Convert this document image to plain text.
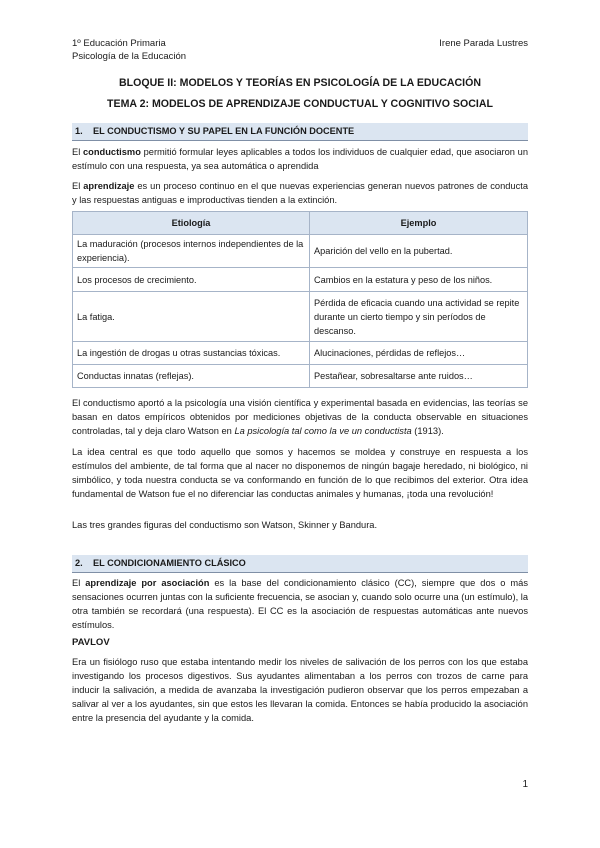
1º Educación Primaria
Psicología de la Educación
Irene Parada Lustres
BLOQUE II: MODELOS Y TEORÍAS EN PSICOLOGÍA DE LA EDUCACIÓN
TEMA 2: MODELOS DE APRENDIZAJE CONDUCTUAL Y COGNITIVO SOCIAL
1. EL CONDUCTISMO Y SU PAPEL EN LA FUNCIÓN DOCENTE
El conductismo permitió formular leyes aplicables a todos los individuos de cualquier edad, que asociaron un estímulo con una respuesta, ya sea automática o aprendida
El aprendizaje es un proceso continuo en el que nuevas experiencias generan nuevos patrones de conducta y las respuestas antiguas e improductivas tienden a la extinción.
Etiología	Ejemplo
La maduración (procesos internos independientes de la experiencia).	Aparición del vello en la pubertad.
Los procesos de crecimiento.	Cambios en la estatura y peso de los niños.
La fatiga.	Pérdida de eficacia cuando una actividad se repite durante un cierto tiempo y sin períodos de descanso.
La ingestión de drogas u otras sustancias tóxicas.	Alucinaciones, pérdidas de reflejos…
Conductas innatas (reflejas).	Pestañear, sobresaltarse ante ruidos…
El conductismo aportó a la psicología una visión científica y experimental basada en evidencias, las teorías se basan en datos empíricos obtenidos por mediciones objetivas de la conducta observable en situaciones controladas, tal y deja claro Watson en La psicología tal como la ve un conductista (1913).
La idea central es que todo aquello que somos y hacemos se moldea y construye en respuesta a los estímulos del ambiente, de tal forma que al nacer no disponemos de ningún bagaje heredado, ni biológico, ni simbólico, y toda nuestra conducta se va conformando en función de lo que recibimos del exterior. Otra idea fundamental de Watson fue el no diferenciar las conductas animales y humanas, ¡toda una revolución!
Las tres grandes figuras del conductismo son Watson, Skinner y Bandura.
2. EL CONDICIONAMIENTO CLÁSICO
El aprendizaje por asociación es la base del condicionamiento clásico (CC), siempre que dos o más sensaciones ocurren juntas con la suficiente frecuencia, se asocian y, cuando solo ocurre una (un estímulo), la otra también se recordará (una respuesta). El CC es la asociación de respuestas automáticas ante nuevos estímulos.
PAVLOV
Era un fisiólogo ruso que estaba intentando medir los niveles de salivación de los perros con los que estaba investigando los procesos digestivos. Sus ayudantes alimentaban a los perros con trozos de carne para inducir la salivación, a medida de avanzaba la investigación pudieron observar que los perros empezaban a salivar al ver a los ayudantes, sin que estos les llevaran la comida. Entonces se había producido la asociación entre la presencia del ayudante y la comida.
1
